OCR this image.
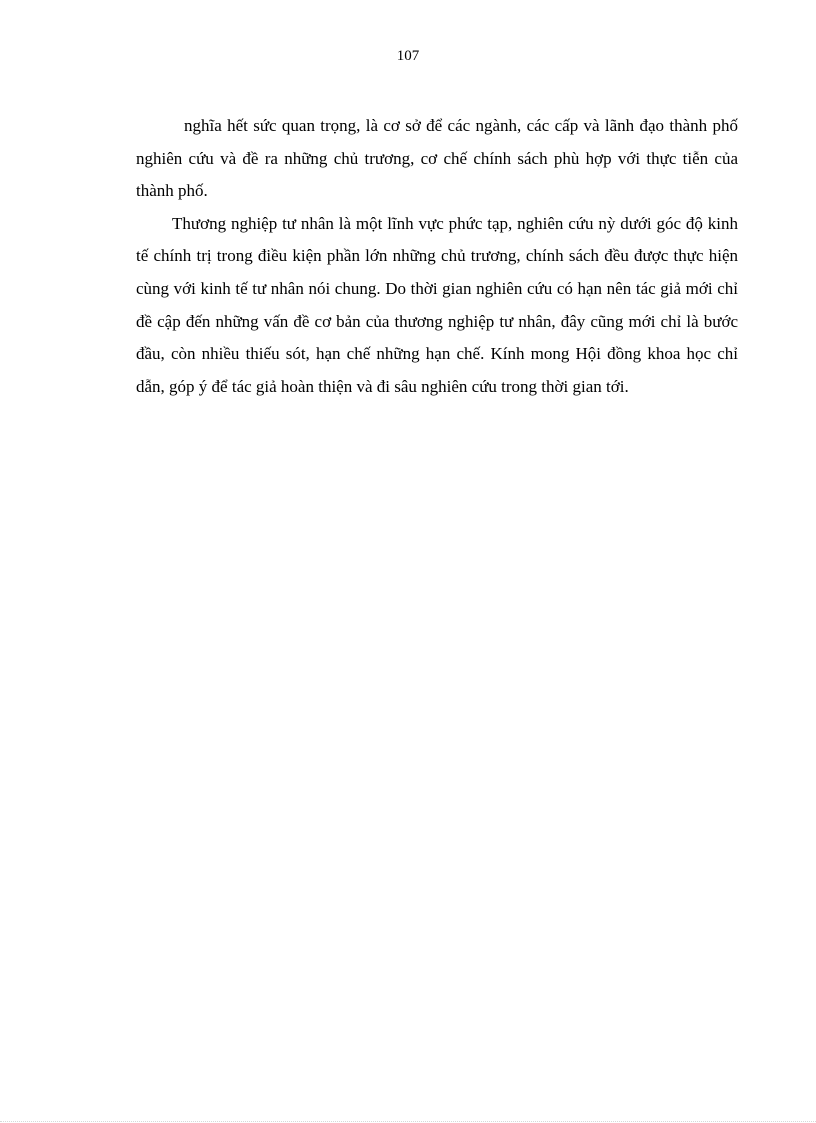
107

nghĩa hết sức quan trọng, là cơ sở để các ngành, các cấp và lãnh đạo thành phố nghiên cứu và đề ra những chủ trương, cơ chế chính sách phù hợp với thực tiễn của thành phố.

Thương nghiệp tư nhân là một lĩnh vực phức tạp, nghiên cứu nỳ dưới góc độ kinh tế chính trị trong điều kiện phần lớn những chủ trương, chính sách đều được thực hiện cùng với kinh tế tư nhân nói chung. Do thời gian nghiên cứu có hạn nên tác giả mới chỉ đề cập đến những vấn đề cơ bản của thương nghiệp tư nhân, đây cũng mới chỉ là bước đầu, còn nhiều thiếu sót, hạn chế những hạn chế. Kính mong Hội đồng khoa học chỉ dẫn, góp ý để tác giả hoàn thiện và đi sâu nghiên cứu trong thời gian tới.
